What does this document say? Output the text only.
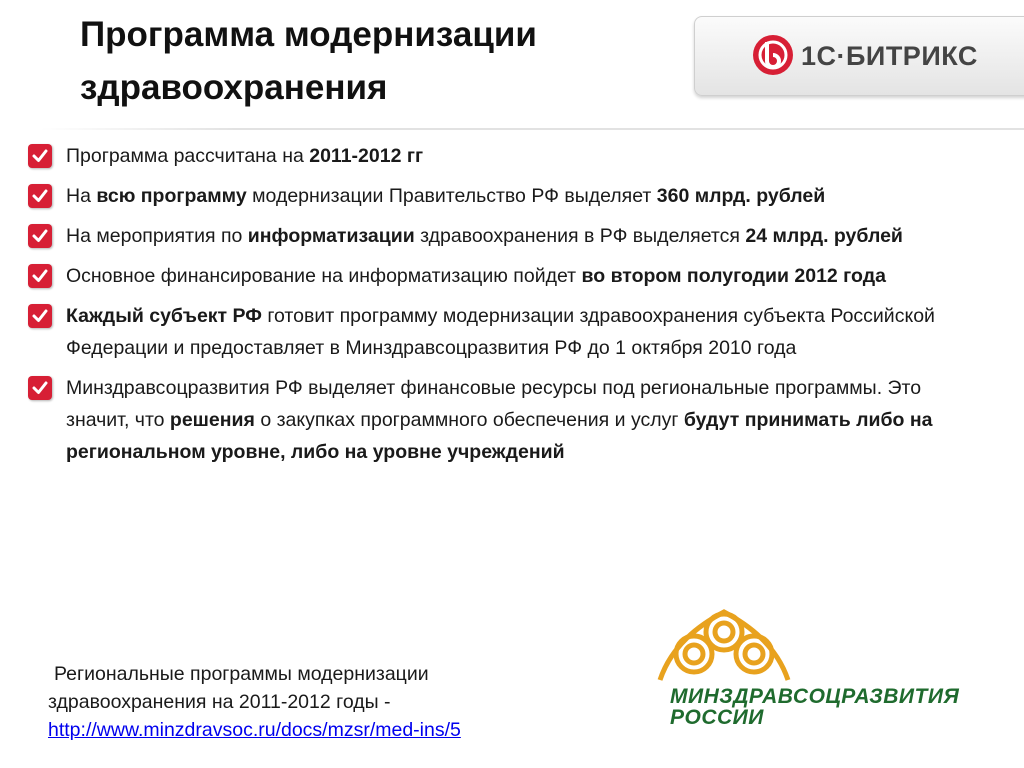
Программа модернизации здравоохранения
1С·БИТРИКС
Программа рассчитана на 2011-2012 гг
На всю программу модернизации Правительство РФ выделяет 360 млрд. рублей
На мероприятия по информатизации здравоохранения в РФ выделяется 24 млрд. рублей
Основное финансирование на информатизацию пойдет во втором полугодии 2012 года
Каждый субъект РФ готовит программу модернизации здравоохранения субъекта Российской Федерации и предоставляет в Минздравсоцразвития РФ до 1 октября 2010 года
Минздравсоцразвития РФ выделяет финансовые ресурсы под региональные программы. Это значит, что решения о закупках программного обеспечения и услуг будут принимать либо на региональном уровне, либо на уровне учреждений
Региональные программы модернизации
здравоохранения на 2011-2012 годы -
http://www.minzdravsoc.ru/docs/mzsr/med-ins/5
МИНЗДРАВСОЦРАЗВИТИЯ
РОССИИ
